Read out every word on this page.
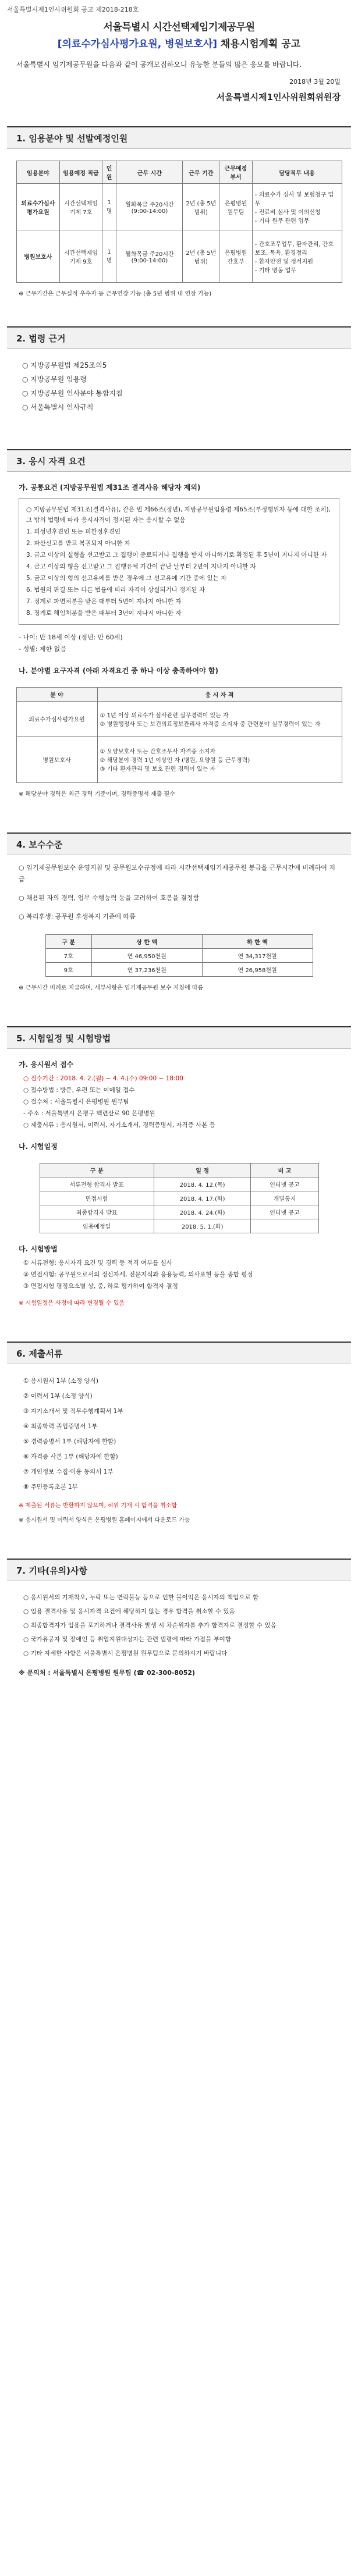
서울특별시제1인사위원회 공고 제2018-218호
서울특별시 시간선택제임기제공무원
[의료수가심사평가요원, 병원보호사] 채용시험계획 공고
서울특별시 임기제공무원을 다음과 같이 공개모집하오니 유능한 분들의 많은 응모를 바랍니다.
2018년 3월 20일
서울특별시제1인사위원회위원장
1. 임용분야 및 선발예정인원
임용분야	임용예정 직급	인원	근무 시간	근무 기간	근무예정 부서	담당직무 내용
의료수가심사 평가요원	시간선택제임기제 7호	1명	월화목금 주20시간 (9:00-14:00)	2년 (총 5년 범위)	은평병원 원무팀	- 의료수가 심사 및 보험청구 업무
- 진료비 심사 및 이의신청
- 기타 원무 관련 업무
병원보호사	시간선택제임기제 9호	1명	월화목금 주20시간 (9:00-14:00)	2년 (총 5년 범위)	은평병원 간호부	- 간호조무업무, 환자관리, 간호보조, 목욕, 환경정리
- 환자안전 및 정서지원
- 기타 병동 업무
※ 근무기간은 근무실적 우수자 등 근무연장 가능 (총 5년 범위 내 연장 가능)
2. 법령 근거
○ 지방공무원법 제25조의5
○ 지방공무원 임용령
○ 지방공무원 인사분야 통합지침
○ 서울특별시 인사규칙
3. 응시 자격 요건
가. 공통요건 (지방공무원법 제31조 결격사유 해당자 제외)
○ 지방공무원법 제31조(결격사유), 같은 법 제66조(정년), 지방공무원임용령 제65조(부정행위자 등에 대한 조치), 그 밖의 법령에 따라 응시자격이 정지된 자는 응시할 수 없음
1. 피성년후견인 또는 피한정후견인
2. 파산선고를 받고 복권되지 아니한 자
3. 금고 이상의 실형을 선고받고 그 집행이 종료되거나 집행을 받지 아니하기로 확정된 후 5년이 지나지 아니한 자
4. 금고 이상의 형을 선고받고 그 집행유예 기간이 끝난 날부터 2년이 지나지 아니한 자
5. 금고 이상의 형의 선고유예를 받은 경우에 그 선고유예 기간 중에 있는 자
6. 법원의 판결 또는 다른 법률에 따라 자격이 상실되거나 정지된 자
7. 징계로 파면처분을 받은 때부터 5년이 지나지 아니한 자
8. 징계로 해임처분을 받은 때부터 3년이 지나지 아니한 자
- 나이: 만 18세 이상 (정년: 만 60세)
- 성별: 제한 없음
나. 분야별 요구자격 (아래 자격요건 중 하나 이상 충족하여야 함)
분 야	응 시 자 격
의료수가심사평가요원	① 1년 이상 의료수가 심사관련 실무경력이 있는 자
② 병원행정사 또는 보건의료정보관리사 자격증 소지자 중 관련분야 실무경력이 있는 자
병원보호사	① 요양보호사 또는 간호조무사 자격증 소지자
② 해당분야 경력 1년 이상인 자 (병원, 요양원 등 근무경력)
③ 기타 환자관리 및 보호 관련 경력이 있는 자
※ 해당분야 경력은 최근 경력 기준이며, 경력증명서 제출 필수
4. 보수수준
○ 임기제공무원보수 운영지침 및 공무원보수규정에 따라 시간선택제임기제공무원 봉급을 근무시간에 비례하여 지급
○ 채용된 자의 경력, 업무 수행능력 등을 고려하여 호봉을 결정함
○ 복리후생: 공무원 후생복지 기준에 따름
구 분	상 한 액	하 한 액
7호	연 46,950천원	연 34,317천원
9호	연 37,236천원	연 26,958천원
※ 근무시간 비례로 지급하며, 세부사항은 임기제공무원 보수 지침에 따름
5. 시험일정 및 시험방법
가. 응시원서 접수
○ 접수기간 : 2018. 4. 2.(월) ~ 4. 4.(수) 09:00 ~ 18:00
○ 접수방법 : 방문, 우편 또는 이메일 접수
○ 접수처 : 서울특별시 은평병원 원무팀
- 주소 : 서울특별시 은평구 백련산로 90 은평병원
○ 제출서류 : 응시원서, 이력서, 자기소개서, 경력증명서, 자격증 사본 등
나. 시험일정
구 분	일 정	비 고
서류전형 합격자 발표	2018. 4. 12.(목)	인터넷 공고
면접시험	2018. 4. 17.(화)	개별통지
최종합격자 발표	2018. 4. 24.(화)	인터넷 공고
임용예정일	2018. 5. 1.(화)	
다. 시험방법
① 서류전형: 응시자격 요건 및 경력 등 적격 여부를 심사
② 면접시험: 공무원으로서의 정신자세, 전문지식과 응용능력, 의사표현 등을 종합 평정
③ 면접시험 평정요소별 상, 중, 하로 평가하여 합격자 결정
※ 시험일정은 사정에 따라 변경될 수 있음
6. 제출서류
① 응시원서 1부 (소정 양식)
② 이력서 1부 (소정 양식)
③ 자기소개서 및 직무수행계획서 1부
④ 최종학력 졸업증명서 1부
⑤ 경력증명서 1부 (해당자에 한함)
⑥ 자격증 사본 1부 (해당자에 한함)
⑦ 개인정보 수집·이용 동의서 1부
⑧ 주민등록초본 1부
※ 제출된 서류는 반환하지 않으며, 허위 기재 시 합격을 취소함
※ 응시원서 및 이력서 양식은 은평병원 홈페이지에서 다운로드 가능
7. 기타(유의)사항
○ 응시원서의 기재착오, 누락 또는 연락불능 등으로 인한 불이익은 응시자의 책임으로 함
○ 임용 결격사유 및 응시자격 요건에 해당하지 않는 경우 합격을 취소할 수 있음
○ 최종합격자가 임용을 포기하거나 결격사유 발생 시 차순위자를 추가 합격자로 결정할 수 있음
○ 국가유공자 및 장애인 등 취업지원대상자는 관련 법령에 따라 가점을 부여함
○ 기타 자세한 사항은 서울특별시 은평병원 원무팀으로 문의하시기 바랍니다
※ 문의처 : 서울특별시 은평병원 원무팀 (☎ 02-300-8052)
